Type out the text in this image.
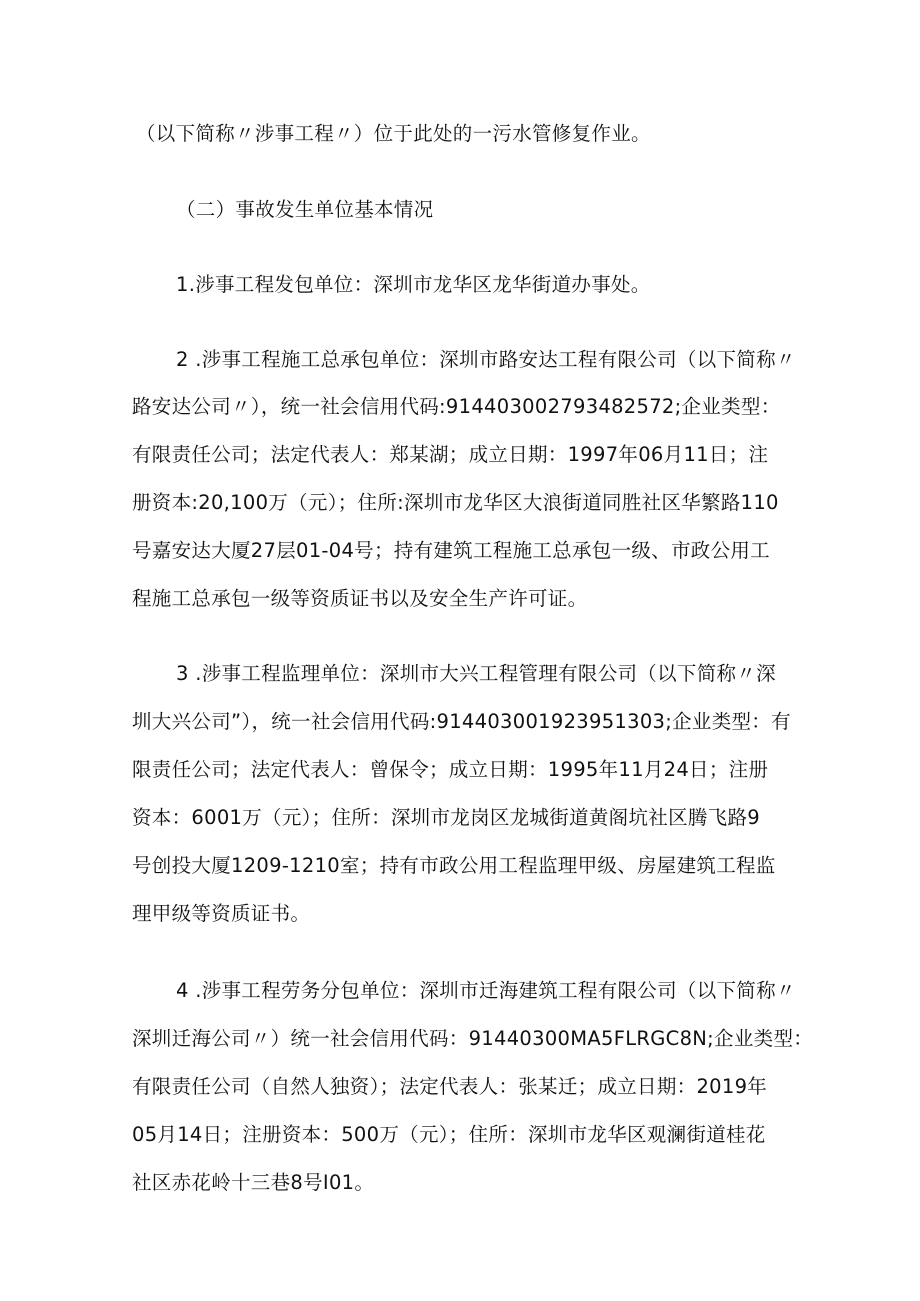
（以下简称〃涉事工程〃）位于此处的一污水管修复作业。
（二）事故发生单位基本情况
1.涉事工程发包单位：深圳市龙华区龙华街道办事处。
2 .涉事工程施工总承包单位：深圳市路安达工程有限公司（以下简称〃
路安达公司〃），统一社会信用代码:914403002793482572;企业类型：
有限责任公司；法定代表人：郑某湖；成立日期：1997年06月11日；注
册资本:20,100万（元）；住所:深圳市龙华区大浪街道同胜社区华繁路110
号嘉安达大厦27层01-04号；持有建筑工程施工总承包一级、市政公用工
程施工总承包一级等资质证书以及安全生产许可证。
3 .涉事工程监理单位：深圳市大兴工程管理有限公司（以下简称〃深
圳大兴公司”），统一社会信用代码:914403001923951303;企业类型：有
限责任公司；法定代表人：曾保令；成立日期：1995年11月24日；注册
资本：6001万（元）；住所：深圳市龙岗区龙城街道黄阁坑社区腾飞路9
号创投大厦1209-1210室；持有市政公用工程监理甲级、房屋建筑工程监
理甲级等资质证书。
4 .涉事工程劳务分包单位：深圳市迁海建筑工程有限公司（以下简称〃
深圳迁海公司〃）统一社会信用代码：91440300MA5FLRGC8N;企业类型：
有限责任公司（自然人独资）；法定代表人：张某迁；成立日期：2019年
05月14日；注册资本：500万（元）；住所：深圳市龙华区观澜街道桂花
社区赤花岭十三巷8号I01。
